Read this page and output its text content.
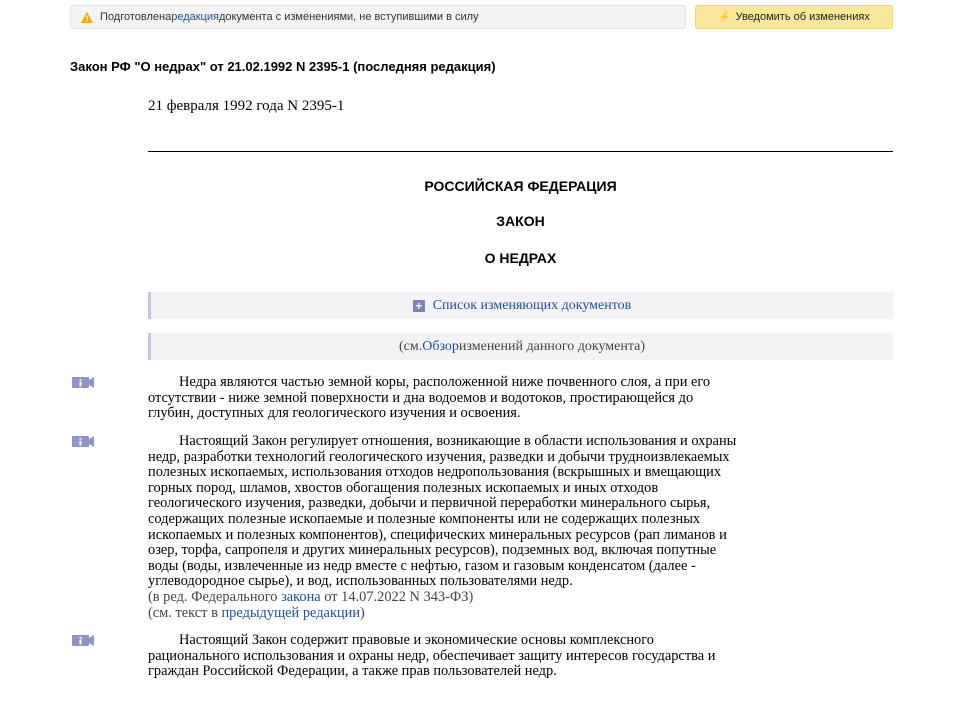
Подготовлена редакция документа с изменениями, не вступившими в силу	⚡ Уведомить об изменениях
Закон РФ "О недрах" от 21.02.1992 N 2395-1 (последняя редакция)
21 февраля 1992 года N 2395-1
РОССИЙСКАЯ ФЕДЕРАЦИЯ
ЗАКОН
О НЕДРАХ
+ Список изменяющих документов
(см. Обзор изменений данного документа)
Недра являются частью земной коры, расположенной ниже почвенного слоя, а при его
отсутствии - ниже земной поверхности и дна водоемов и водотоков, простирающейся до
глубин, доступных для геологического изучения и освоения.
Настоящий Закон регулирует отношения, возникающие в области использования и охраны
недр, разработки технологий геологического изучения, разведки и добычи трудноизвлекаемых
полезных ископаемых, использования отходов недропользования (вскрышных и вмещающих
горных пород, шламов, хвостов обогащения полезных ископаемых и иных отходов
геологического изучения, разведки, добычи и первичной переработки минерального сырья,
содержащих полезные ископаемые и полезные компоненты или не содержащих полезных
ископаемых и полезных компонентов), специфических минеральных ресурсов (рап лиманов и
озер, торфа, сапропеля и других минеральных ресурсов), подземных вод, включая попутные
воды (воды, извлеченные из недр вместе с нефтью, газом и газовым конденсатом (далее -
углеводородное сырье), и вод, использованных пользователями недр.
(в ред. Федерального закона от 14.07.2022 N 343-ФЗ)
(см. текст в предыдущей редакции)
Настоящий Закон содержит правовые и экономические основы комплексного
рационального использования и охраны недр, обеспечивает защиту интересов государства и
граждан Российской Федерации, а также прав пользователей недр.
